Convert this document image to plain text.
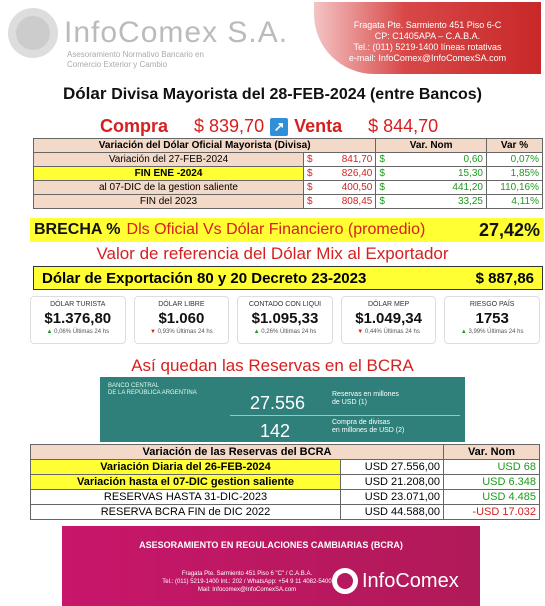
InfoComex S.A.
Asesoramiento Normativo Bancario en
Comercio Exterior y Cambio
Fragata Pte. Sarmiento 451 Piso 6-C
CP: C1405APA – C.A.B.A.
Tel.: (011) 5219-1400 líneas rotativas
e-mail: InfoComex@InfoComexSA.com
Dólar Divisa Mayorista del 28-FEB-2024 (entre Bancos)
Compra $ 839,70 ↗ Venta $ 844,70
Variación del Dólar Oficial Mayorista (Divisa)			Var. Nom		Var %
Variación del 27-FEB-2024	$	841,70	$	0,60	0,07%
FIN ENE -2024	$	826,40	$	15,30	1,85%
al 07-DIC de la gestion saliente	$	400,50	$	441,20	110,16%
FIN del 2023	$	808,45	$	33,25	4,11%
BRECHA % Dls Oficial Vs Dólar Financiero (promedio)	27,42%
Valor de referencia del Dólar Mix al Exportador
Dólar de Exportación 80 y 20 Decreto 23-2023	$ 887,86
DÓLAR TURISTA
$1.376,80
▲ 0,06% Últimas 24 hs
DÓLAR LIBRE
$1.060
▼ 0,93% Últimas 24 hs
CONTADO CON LIQUI
$1.095,33
▲ 0,26% Últimas 24 hs
DÓLAR MEP
$1.049,34
▼ 0,44% Últimas 24 hs
RIESGO PAÍS
1753
▲ 3,99% Últimas 24 hs
Así quedan las Reservas en el BCRA
BANCO CENTRAL
DE LA REPÚBLICA ARGENTINA	27.556	Reservas en millones
de USD (1)
142	Compra de divisas
en millones de USD (2)
Variación de las Reservas del BCRA		Var. Nom
Variación Diaria del 26-FEB-2024	USD 27.556,00	USD 68
Variación hasta el 07-DIC gestion saliente	USD 21.208,00	USD 6.348
RESERVAS HASTA 31-DIC-2023	USD 23.071,00	USD 4.485
RESERVA BCRA FIN de DIC 2022	USD 44.588,00	-USD 17.032
ASESORAMIENTO EN REGULACIONES CAMBIARIAS (BCRA)
Fragata Pte. Sarmiento 451 Piso 6 "C" / C.A.B.A.
Tel.: (011) 5219-1400 Int.: 202 / WhatsApp: +54 9 11 4082-5400
Mail: Infocomex@InfoComexSA.com	InfoComex
